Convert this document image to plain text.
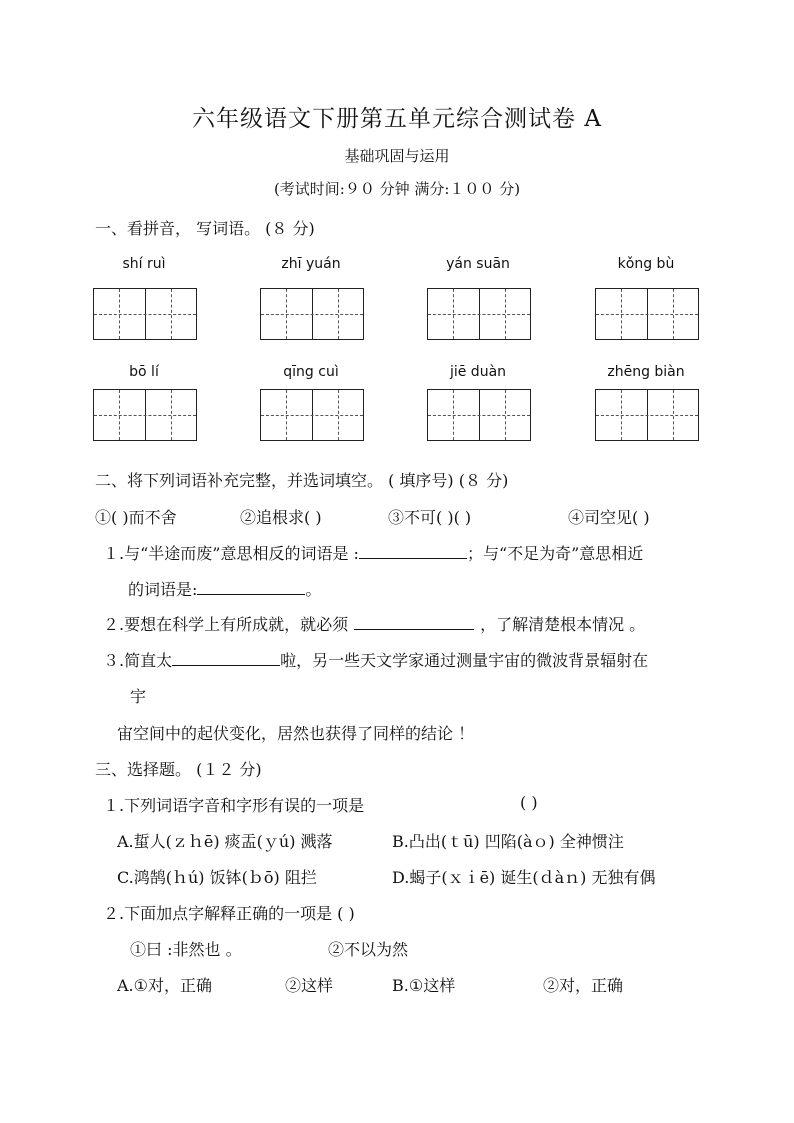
六年级语文下册第五单元综合测试卷 A
基础巩固与运用
(考试时间:９０ 分钟 满分:１００ 分)
一、看拼音， 写词语。 (８ 分)
shí ruì	zhī yuán	yán suān	kǒng bù
bō lí	qīng cuì	jiē duàn	zhēng biàn
二、将下列词语补充完整，并选词填空。 ( 填序号) (８ 分)
①( )而不舍	②追根求( )	③不可( )( )	④司空见( )
１.与“半途而废”意思相反的词语是 :	；与“不足为奇”意思相近
的词语是:	。
２.要想在科学上有所成就，就必须	，了解清楚根本情况 。
３.简直太	啦，另一些天文学家通过测量宇宙的微波背景辐射在
宇
宙空间中的起伏变化，居然也获得了同样的结论 ！
三、选择题。 (１２ 分)
１.下列词语字音和字形有误的一项是	( )
A.蜇人(ｚｈē) 痰盂(ｙú) 溅落	B.凸出(ｔū) 凹陷(àｏ) 全神惯注
C.鸿鹄(ｈú) 饭钵(ｂō) 阻拦	D.蝎子(ｘｉē) 诞生(ｄàｎ) 无独有偶
２.下面加点字解释正确的一项是 ( )
①曰 :非然也 。	②不以为然
A.①对，正确	②这样	B.①这样	②对，正确
